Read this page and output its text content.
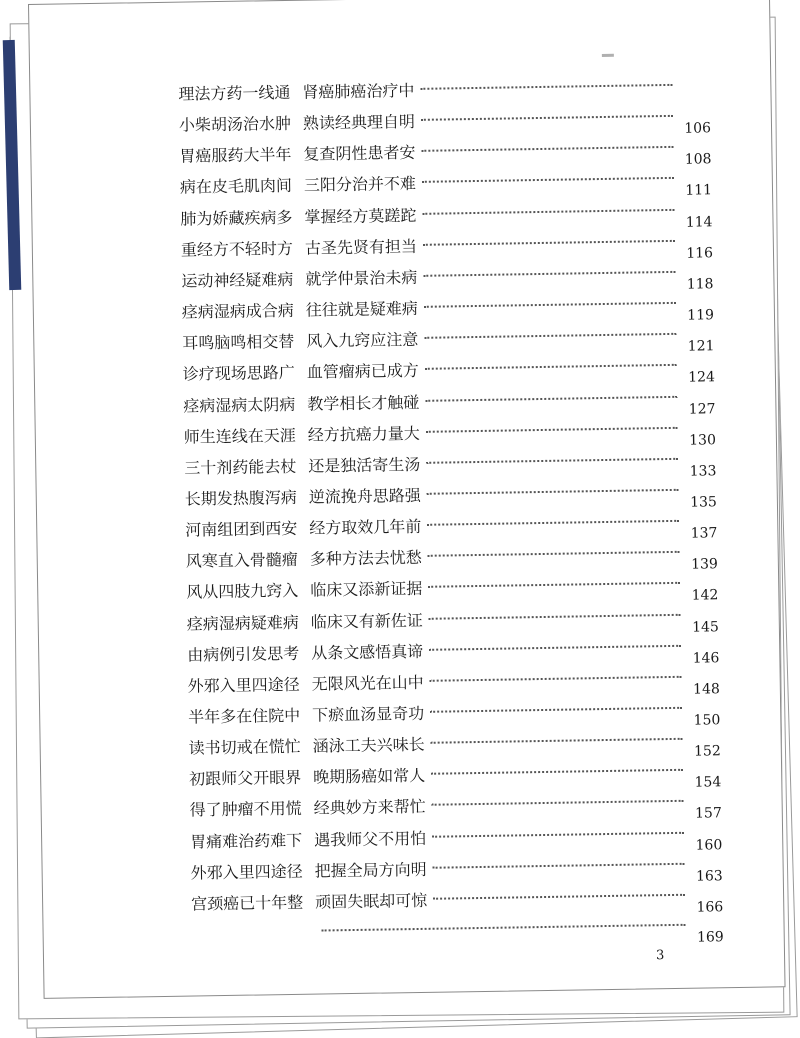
理法方药一线通 肾癌肺癌治疗中
小柴胡汤治水肿 熟读经典理自明	106
胃癌服药大半年 复查阴性患者安	108
病在皮毛肌肉间 三阳分治并不难	111
肺为娇藏疾病多 掌握经方莫蹉跎	114
重经方不轻时方 古圣先贤有担当	116
运动神经疑难病 就学仲景治未病	118
痉病湿病成合病 往往就是疑难病	119
耳鸣脑鸣相交替 风入九窍应注意	121
诊疗现场思路广 血管瘤病已成方	124
痉病湿病太阴病 教学相长才触碰	127
师生连线在天涯 经方抗癌力量大	130
三十剂药能去杖 还是独活寄生汤	133
长期发热腹泻病 逆流挽舟思路强	135
河南组团到西安 经方取效几年前	137
风寒直入骨髓瘤 多种方法去忧愁	139
风从四肢九窍入 临床又添新证据	142
痉病湿病疑难病 临床又有新佐证	145
由病例引发思考 从条文感悟真谛	146
外邪入里四途径 无限风光在山中	148
半年多在住院中 下瘀血汤显奇功	150
读书切戒在慌忙 涵泳工夫兴味长	152
初跟师父开眼界 晚期肠癌如常人	154
得了肿瘤不用慌 经典妙方来帮忙	157
胃痛难治药难下 遇我师父不用怕	160
外邪入里四途径 把握全局方向明	163
宫颈癌已十年整 顽固失眠却可惊	166
169
3
